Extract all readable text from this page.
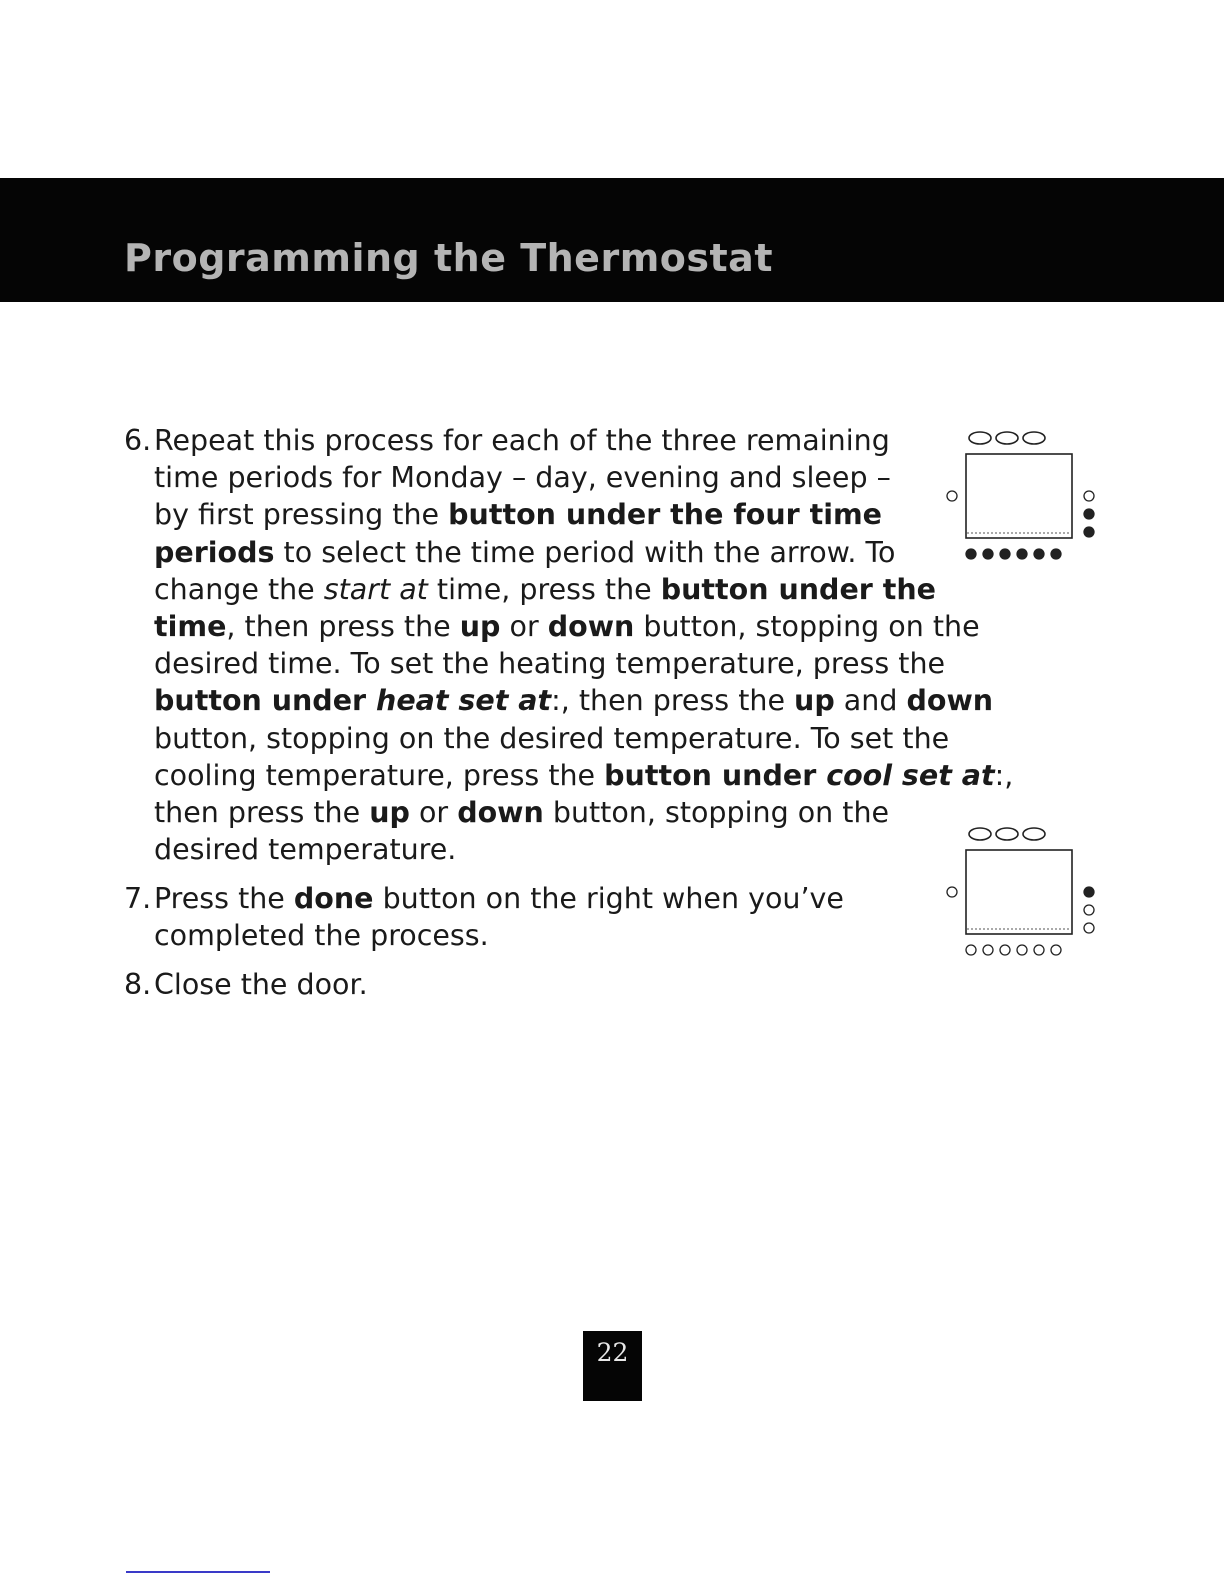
Programming the Thermostat
6. Repeat this process for each of the three remaining
time periods for Monday – day, evening and sleep –
by first pressing the button under the four time
periods to select the time period with the arrow. To
change the start at time, press the button under the
time, then press the up or down button, stopping on the
desired time. To set the heating temperature, press the
button under heat set at:, then press the up and down
button, stopping on the desired temperature. To set the
cooling temperature, press the button under cool set at:,
then press the up or down button, stopping on the
desired temperature.
7. Press the done button on the right when you’ve
completed the process.
8. Close the door.
22
